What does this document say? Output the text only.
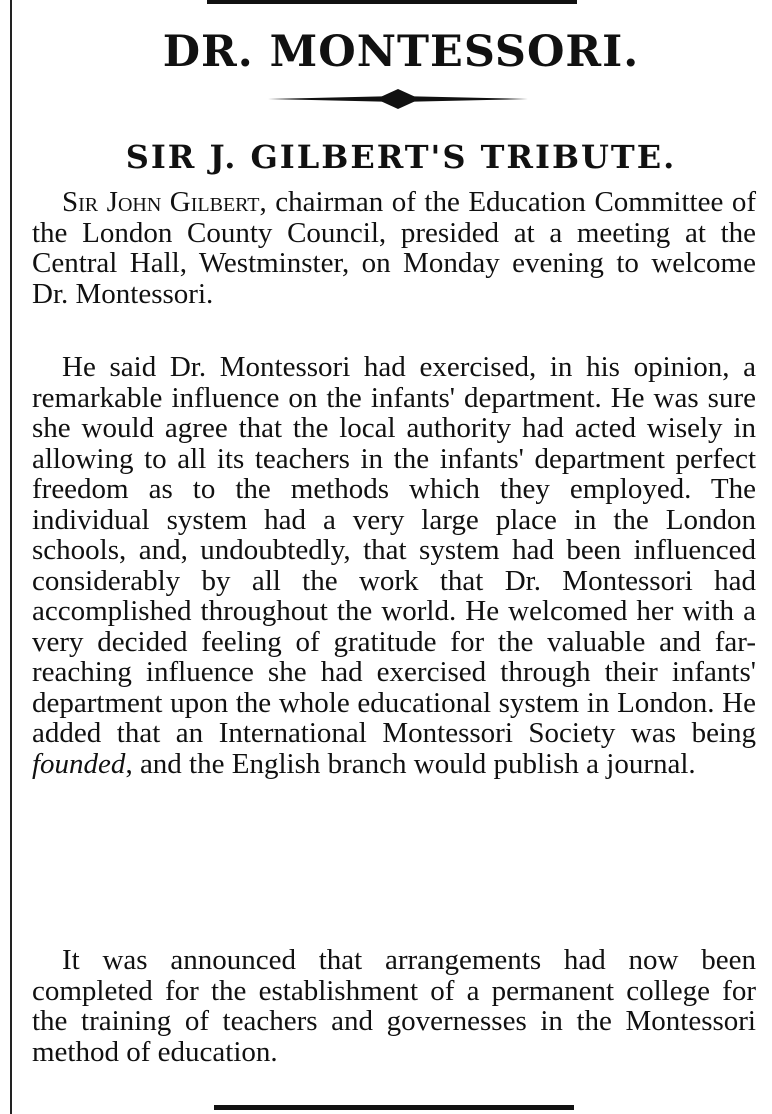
DR. MONTESSORI.
SIR J. GILBERT'S TRIBUTE.

Sir John Gilbert, chairman of the Education Committee of the London County Council, presided at a meeting at the Central Hall, Westminster, on Monday evening to welcome Dr. Montessori.

He said Dr. Montessori had exercised, in his opinion, a remarkable influence on the infants' department. He was sure she would agree that the local authority had acted wisely in allowing to all its teachers in the infants' department perfect freedom as to the methods which they employed. The individual system had a very large place in the London schools, and, undoubtedly, that system had been influenced considerably by all the work that Dr. Montessori had accomplished throughout the world. He welcomed her with a very decided feeling of gratitude for the valuable and far-reaching influence she had exercised through their infants' department upon the whole educational system in London. He added that an International Montessori Society was being founded, and the English branch would publish a journal.

It was announced that arrangements had now been completed for the establishment of a permanent college for the training of teachers and governesses in the Montessori method of education.
